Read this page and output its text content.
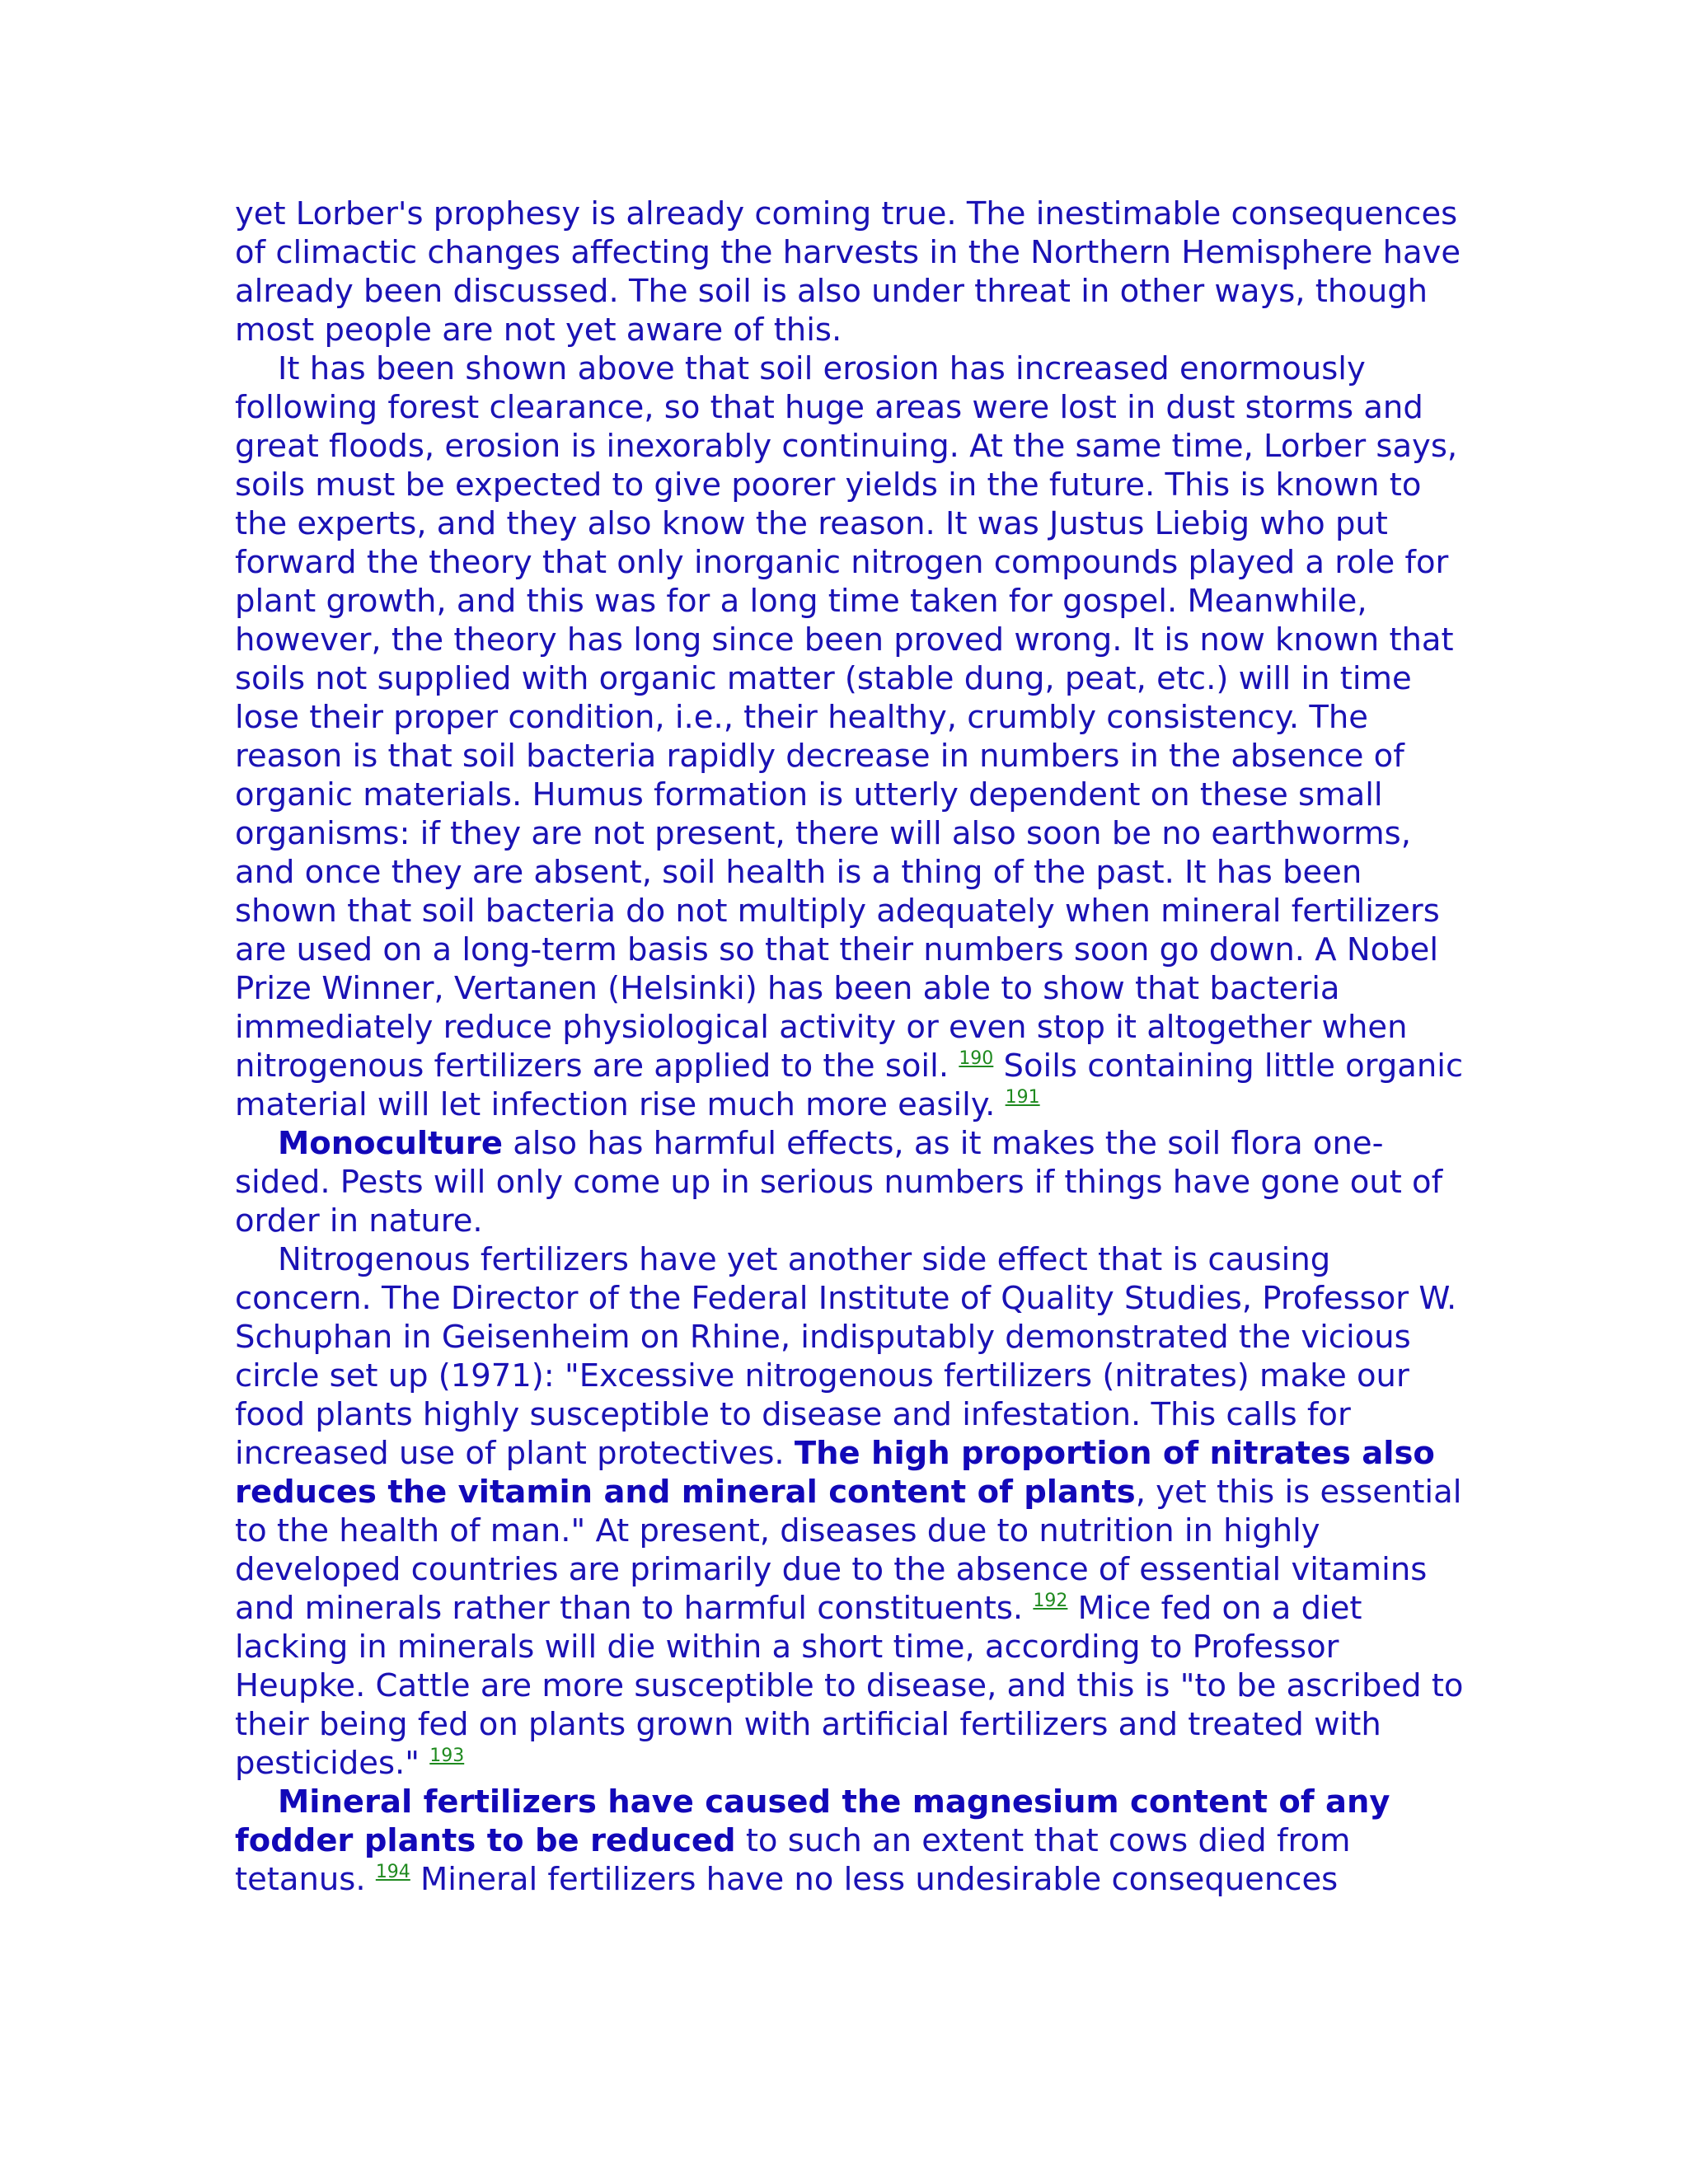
yet Lorber's prophesy is already coming true. The inestimable consequences of climactic changes affecting the harvests in the Northern Hemisphere have already been discussed. The soil is also under threat in other ways, though most people are not yet aware of this.

It has been shown above that soil erosion has increased enormously following forest clearance, so that huge areas were lost in dust storms and great floods, erosion is inexorably continuing. At the same time, Lorber says, soils must be expected to give poorer yields in the future. This is known to the experts, and they also know the reason. It was Justus Liebig who put forward the theory that only inorganic nitrogen compounds played a role for plant growth, and this was for a long time taken for gospel. Meanwhile, however, the theory has long since been proved wrong. It is now known that soils not supplied with organic matter (stable dung, peat, etc.) will in time lose their proper condition, i.e., their healthy, crumbly consistency. The reason is that soil bacteria rapidly decrease in numbers in the absence of organic materials. Humus formation is utterly dependent on these small organisms: if they are not present, there will also soon be no earthworms, and once they are absent, soil health is a thing of the past. It has been shown that soil bacteria do not multiply adequately when mineral fertilizers are used on a long-term basis so that their numbers soon go down. A Nobel Prize Winner, Vertanen (Helsinki) has been able to show that bacteria immediately reduce physiological activity or even stop it altogether when nitrogenous fertilizers are applied to the soil. $^{190}$ Soils containing little organic material will let infection rise much more easily. $^{191}$

Monoculture also has harmful effects, as it makes the soil flora one-sided. Pests will only come up in serious numbers if things have gone out of order in nature.

Nitrogenous fertilizers have yet another side effect that is causing concern. The Director of the Federal Institute of Quality Studies, Professor W. Schuphan in Geisenheim on Rhine, indisputably demonstrated the vicious circle set up (1971): "Excessive nitrogenous fertilizers (nitrates) make our food plants highly susceptible to disease and infestation. This calls for increased use of plant protectives. The high proportion of nitrates also reduces the vitamin and mineral content of plants, yet this is essential to the health of man." At present, diseases due to nutrition in highly developed countries are primarily due to the absence of essential vitamins and minerals rather than to harmful constituents. $^{192}$ Mice fed on a diet lacking in minerals will die within a short time, according to Professor Heupke. Cattle are more susceptible to disease, and this is "to be ascribed to their being fed on plants grown with artificial fertilizers and treated with pesticides." $^{193}$

Mineral fertilizers have caused the magnesium content of any fodder plants to be reduced to such an extent that cows died from tetanus. $^{194}$ Mineral fertilizers have no less undesirable consequences
